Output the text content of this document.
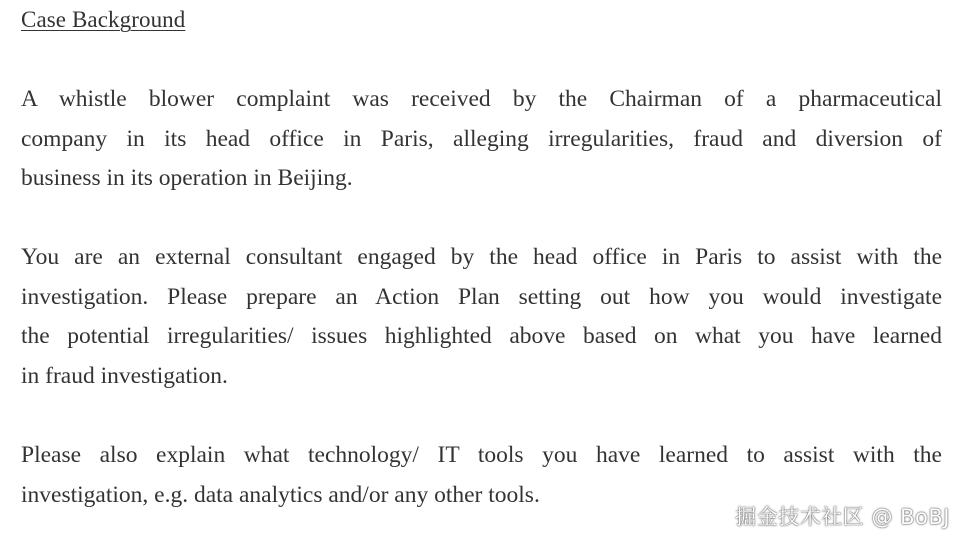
Case Background

A whistle blower complaint was received by the Chairman of a pharmaceutical
company in its head office in Paris, alleging irregularities, fraud and diversion of
business in its operation in Beijing.

You are an external consultant engaged by the head office in Paris to assist with the
investigation. Please prepare an Action Plan setting out how you would investigate
the potential irregularities/ issues highlighted above based on what you have learned
in fraud investigation.

Please also explain what technology/ IT tools you have learned to assist with the
investigation, e.g. data analytics and/or any other tools.

掘金技术社区 @ BoBJ
